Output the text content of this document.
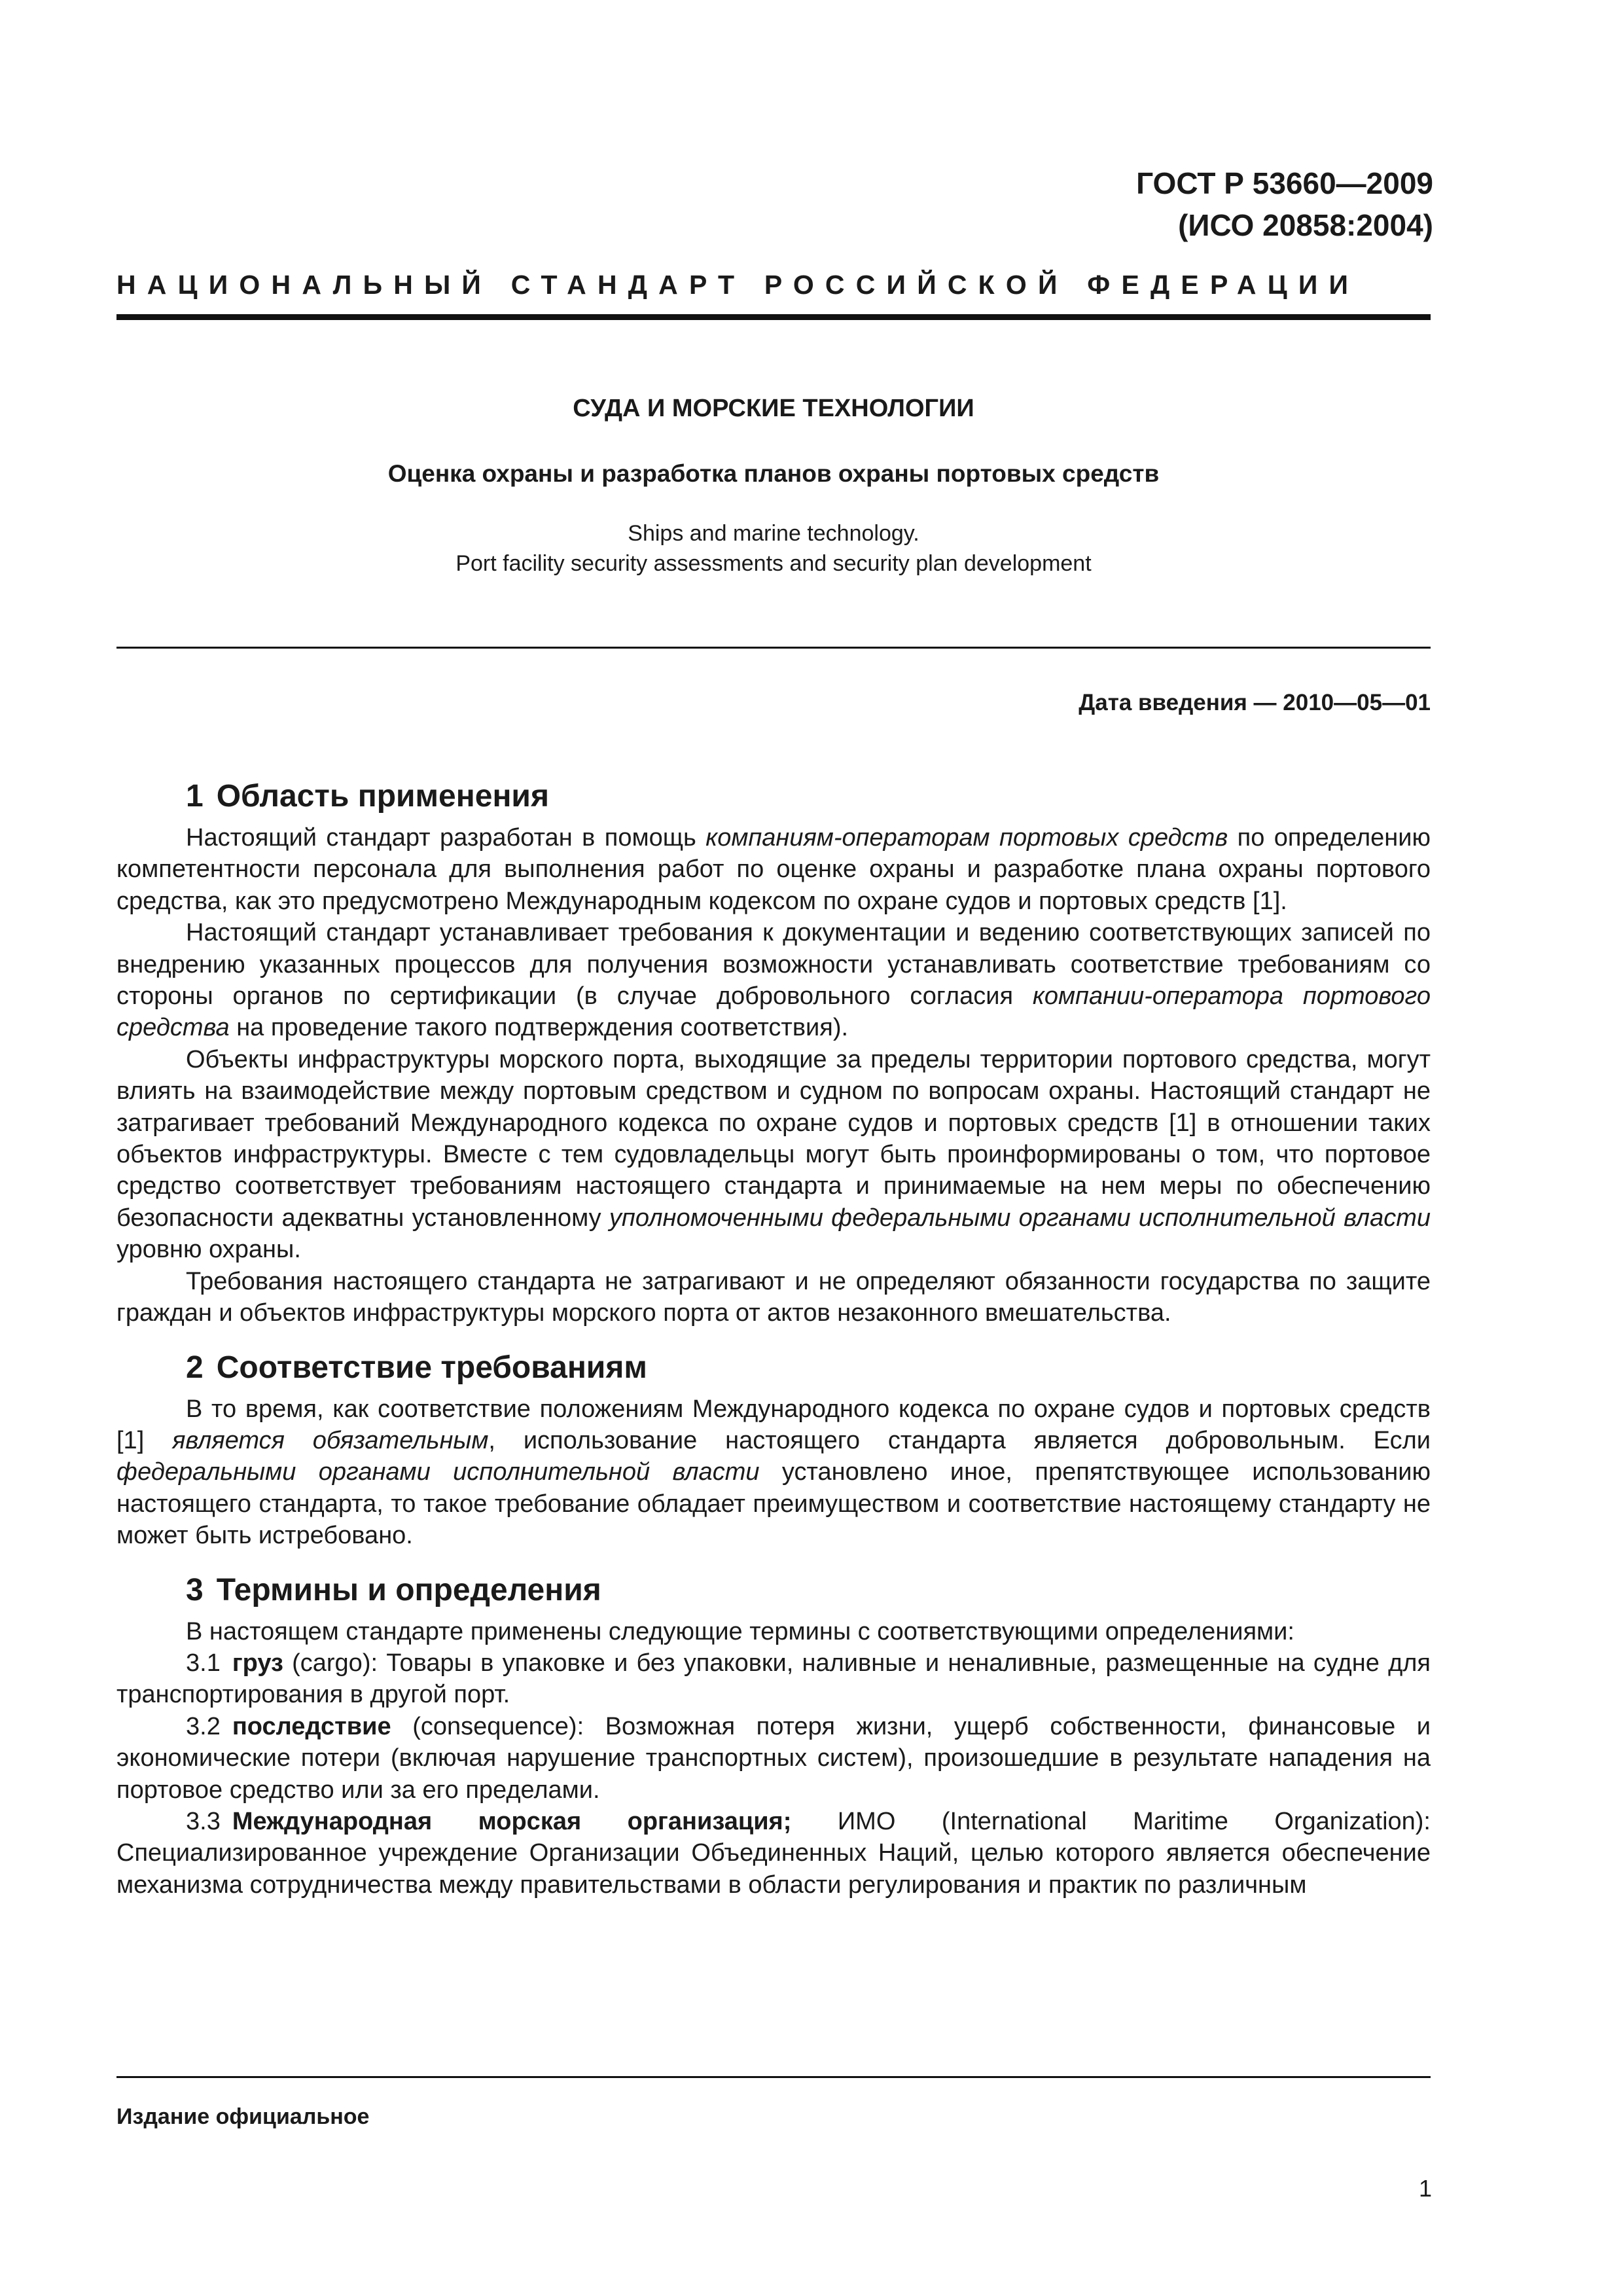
ГОСТ Р 53660—2009
(ИСО 20858:2004)
НАЦИОНАЛЬНЫЙ СТАНДАРТ РОССИЙСКОЙ ФЕДЕРАЦИИ
СУДА И МОРСКИЕ ТЕХНОЛОГИИ
Оценка охраны и разработка планов охраны портовых средств
Ships and marine technology.
Port facility security assessments and security plan development
Дата введения — 2010—05—01
1 Область применения

Настоящий стандарт разработан в помощь компаниям-операторам портовых средств по определению компетентности персонала для выполнения работ по оценке охраны и разработке плана охраны портового средства, как это предусмотрено Международным кодексом по охране судов и портовых средств [1].

Настоящий стандарт устанавливает требования к документации и ведению соответствующих записей по внедрению указанных процессов для получения возможности устанавливать соответствие требованиям со стороны органов по сертификации (в случае добровольного согласия компании-оператора портового средства на проведение такого подтверждения соответствия).

Объекты инфраструктуры морского порта, выходящие за пределы территории портового средства, могут влиять на взаимодействие между портовым средством и судном по вопросам охраны. Настоящий стандарт не затрагивает требований Международного кодекса по охране судов и портовых средств [1] в отношении таких объектов инфраструктуры. Вместе с тем судовладельцы могут быть проинформированы о том, что портовое средство соответствует требованиям настоящего стандарта и принимаемые на нем меры по обеспечению безопасности адекватны установленному уполномоченными федеральными органами исполнительной власти уровню охраны.

Требования настоящего стандарта не затрагивают и не определяют обязанности государства по защите граждан и объектов инфраструктуры морского порта от актов незаконного вмешательства.

2 Соответствие требованиям

В то время, как соответствие положениям Международного кодекса по охране судов и портовых средств [1] является обязательным, использование настоящего стандарта является добровольным. Если федеральными органами исполнительной власти установлено иное, препятствующее использованию настоящего стандарта, то такое требование обладает преимуществом и соответствие настоящему стандарту не может быть истребовано.

3 Термины и определения

В настоящем стандарте применены следующие термины с соответствующими определениями:

3.1 груз (cargo): Товары в упаковке и без упаковки, наливные и неналивные, размещенные на судне для транспортирования в другой порт.

3.2 последствие (consequence): Возможная потеря жизни, ущерб собственности, финансовые и экономические потери (включая нарушение транспортных систем), произошедшие в результате нападения на портовое средство или за его пределами.

3.3 Международная морская организация; ИМО (International Maritime Organization): Специализированное учреждение Организации Объединенных Наций, целью которого является обеспечение механизма сотрудничества между правительствами в области регулирования и практик по различным

Издание официальное
1
